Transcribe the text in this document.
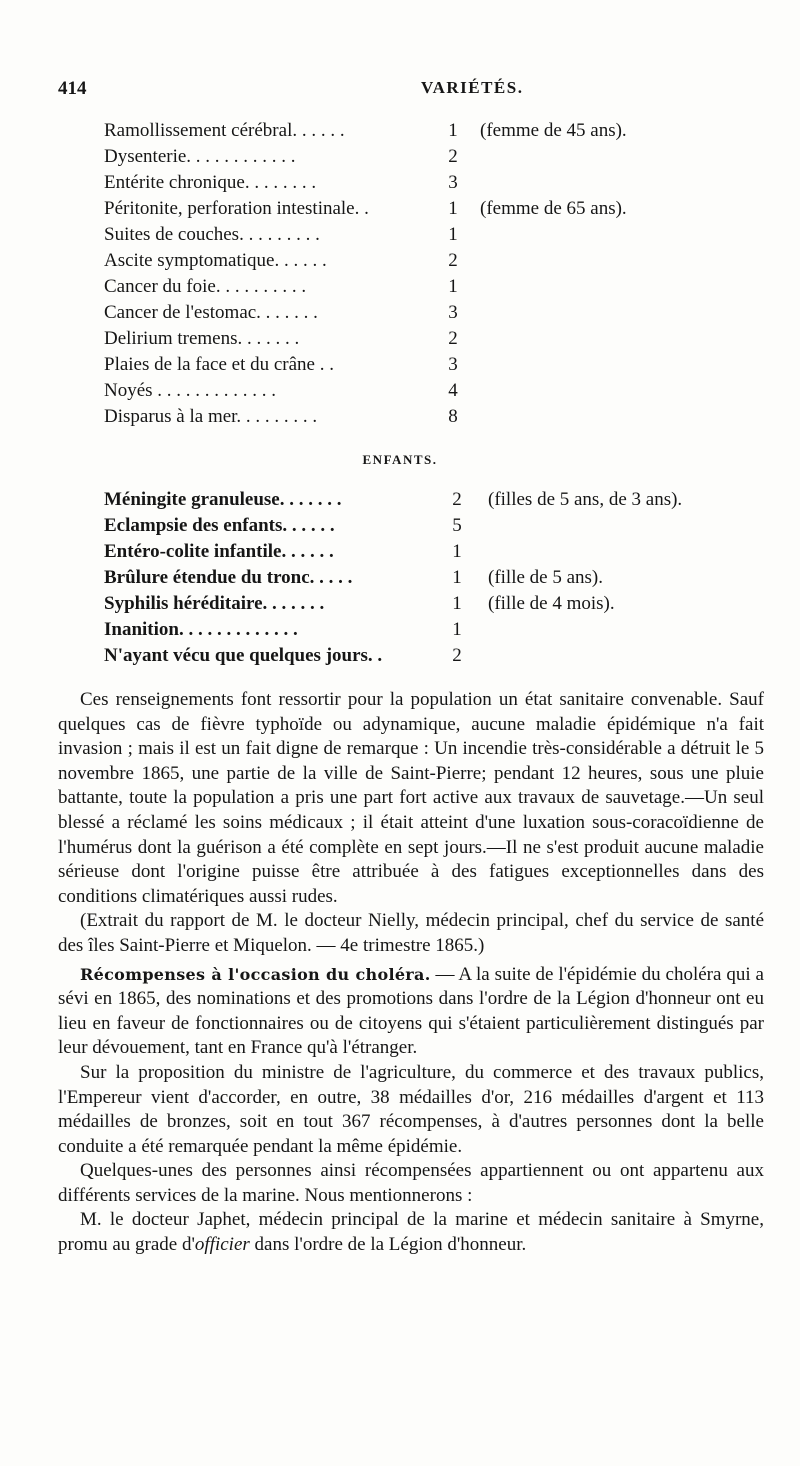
414	VARIÉTÉS.
Ramollissement cérébral. . . . . .	1	(femme de 45 ans).
Dysenterie. . . . . . . . . . . .	2
Entérite chronique. . . . . . . .	3
Péritonite, perforation intestinale. .	1	(femme de 65 ans).
Suites de couches. . . . . . . . .	1
Ascite symptomatique. . . . . .	2
Cancer du foie. . . . . . . . . .	1
Cancer de l'estomac. . . . . . .	3
Delirium tremens. . . . . . .	2
Plaies de la face et du crâne . .	3
Noyés . . . . . . . . . . . . .	4
Disparus à la mer. . . . . . . . .	8
ENFANTS.
Méningite granuleuse. . . . . . .	2	(filles de 5 ans, de 3 ans).
Eclampsie des enfants. . . . . .	5
Entéro-colite infantile. . . . . .	1
Brûlure étendue du tronc. . . . .	1	(fille de 5 ans).
Syphilis héréditaire. . . . . . .	1	(fille de 4 mois).
Inanition. . . . . . . . . . . . .	1
N'ayant vécu que quelques jours. .	2

Ces renseignements font ressortir pour la population un état sanitaire convenable. Sauf quelques cas de fièvre typhoïde ou adynamique, aucune maladie épidémique n'a fait invasion ; mais il est un fait digne de remarque : Un incendie très-considérable a détruit le 5 novembre 1865, une partie de la ville de Saint-Pierre; pendant 12 heures, sous une pluie battante, toute la population a pris une part fort active aux travaux de sauvetage.—Un seul blessé a réclamé les soins médicaux ; il était atteint d'une luxation sous-coracoïdienne de l'humérus dont la guérison a été complète en sept jours.—Il ne s'est produit aucune maladie sérieuse dont l'origine puisse être attribuée à des fatigues exceptionnelles dans des conditions climatériques aussi rudes.

(Extrait du rapport de M. le docteur Nielly, médecin principal, chef du service de santé des îles Saint-Pierre et Miquelon. — 4e trimestre 1865.)

Récompenses à l'occasion du choléra. — A la suite de l'épidémie du choléra qui a sévi en 1865, des nominations et des promotions dans l'ordre de la Légion d'honneur ont eu lieu en faveur de fonctionnaires ou de citoyens qui s'étaient particulièrement distingués par leur dévouement, tant en France qu'à l'étranger.

Sur la proposition du ministre de l'agriculture, du commerce et des travaux publics, l'Empereur vient d'accorder, en outre, 38 médailles d'or, 216 médailles d'argent et 113 médailles de bronzes, soit en tout 367 récompenses, à d'autres personnes dont la belle conduite a été remarquée pendant la même épidémie.

Quelques-unes des personnes ainsi récompensées appartiennent ou ont appartenu aux différents services de la marine. Nous mentionnerons :

M. le docteur Japhet, médecin principal de la marine et médecin sanitaire à Smyrne, promu au grade d'officier dans l'ordre de la Légion d'honneur.
